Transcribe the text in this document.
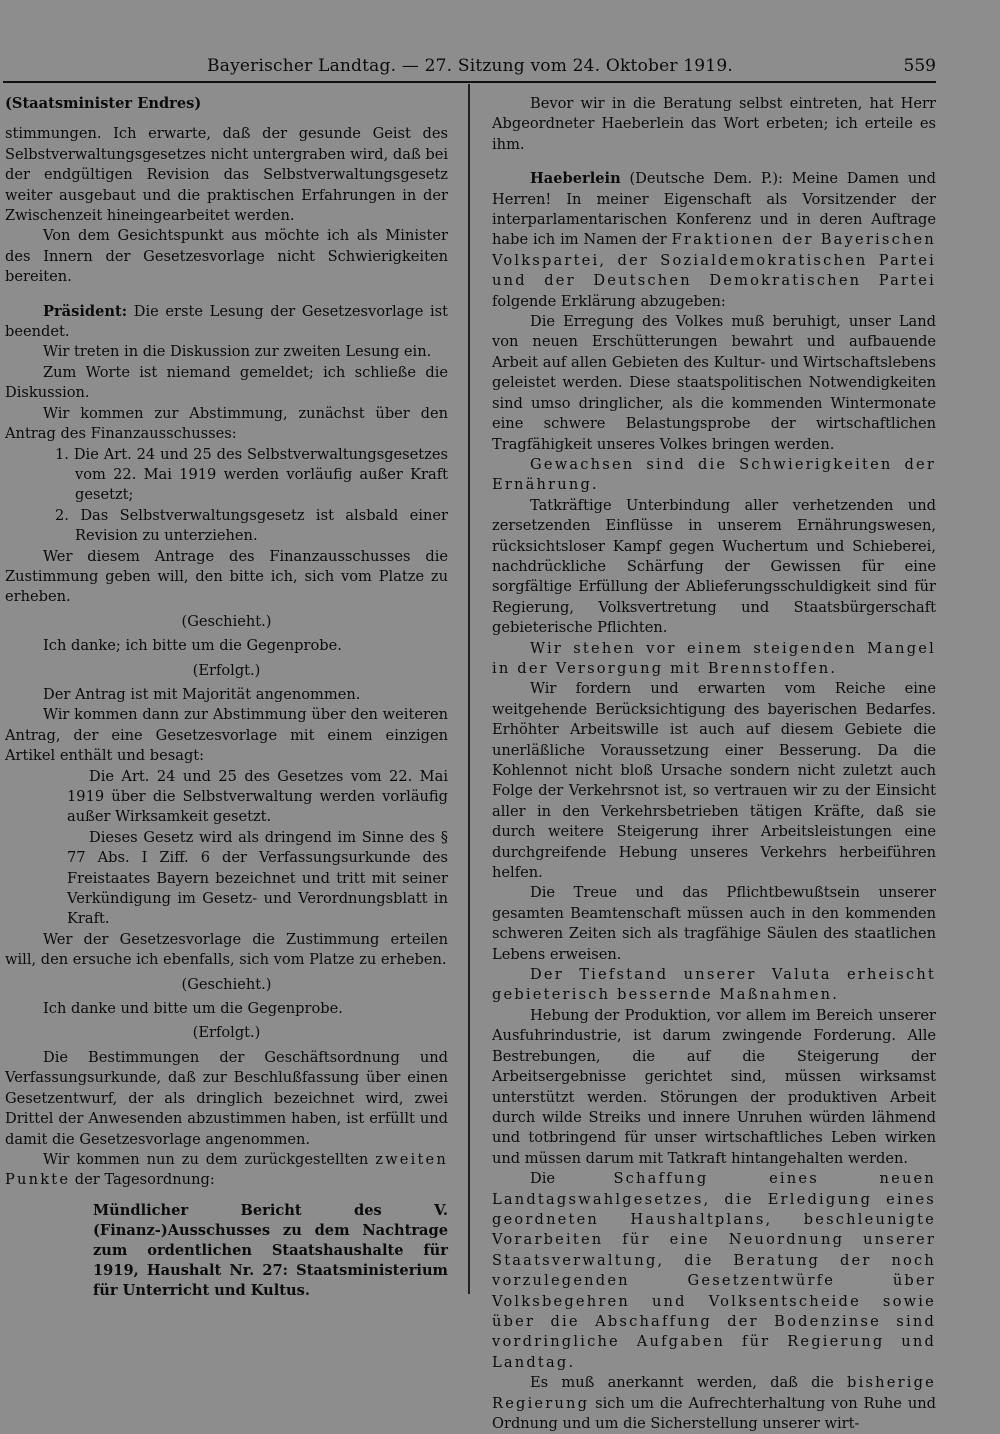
Bayerischer Landtag. — 27. Sitzung vom 24. Oktober 1919.	559

(Staatsminister Endres)

stimmungen. Ich erwarte, daß der gesunde Geist des Selbstverwaltungsgesetzes nicht untergraben wird, daß bei der endgültigen Revision das Selbstverwaltungsgesetz weiter ausgebaut und die praktischen Erfahrungen in der Zwischenzeit hineingearbeitet werden.

Von dem Gesichtspunkt aus möchte ich als Minister des Innern der Gesetzesvorlage nicht Schwierigkeiten bereiten.

Präsident: Die erste Lesung der Gesetzesvorlage ist beendet.

Wir treten in die Diskussion zur zweiten Lesung ein.

Zum Worte ist niemand gemeldet; ich schließe die Diskussion.

Wir kommen zur Abstimmung, zunächst über den Antrag des Finanzausschusses:

1. Die Art. 24 und 25 des Selbstverwaltungsgesetzes vom 22. Mai 1919 werden vorläufig außer Kraft gesetzt;

2. Das Selbstverwaltungsgesetz ist alsbald einer Revision zu unterziehen.

Wer diesem Antrage des Finanzausschusses die Zustimmung geben will, den bitte ich, sich vom Platze zu erheben.

(Geschieht.)

Ich danke; ich bitte um die Gegenprobe.

(Erfolgt.)

Der Antrag ist mit Majorität angenommen.

Wir kommen dann zur Abstimmung über den weiteren Antrag, der eine Gesetzesvorlage mit einem einzigen Artikel enthält und besagt:

Die Art. 24 und 25 des Gesetzes vom 22. Mai 1919 über die Selbstverwaltung werden vorläufig außer Wirksamkeit gesetzt.

Dieses Gesetz wird als dringend im Sinne des § 77 Abs. I Ziff. 6 der Verfassungsurkunde des Freistaates Bayern bezeichnet und tritt mit seiner Verkündigung im Gesetz- und Verordnungsblatt in Kraft.

Wer der Gesetzesvorlage die Zustimmung erteilen will, den ersuche ich ebenfalls, sich vom Platze zu erheben.

(Geschieht.)

Ich danke und bitte um die Gegenprobe.

(Erfolgt.)

Die Bestimmungen der Geschäftsordnung und Verfassungsurkunde, daß zur Beschlußfassung über einen Gesetzentwurf, der als dringlich bezeichnet wird, zwei Drittel der Anwesenden abzustimmen haben, ist erfüllt und damit die Gesetzesvorlage angenommen.

Wir kommen nun zu dem zurückgestellten zweiten Punkte der Tagesordnung:

Mündlicher Bericht des V. (Finanz-)Ausschusses zu dem Nachtrage zum ordentlichen Staatshaushalte für 1919, Haushalt Nr. 27: Staatsministerium für Unterricht und Kultus.

Bevor wir in die Beratung selbst eintreten, hat Herr Abgeordneter Haeberlein das Wort erbeten; ich erteile es ihm.

Haeberlein (Deutsche Dem. P.): Meine Damen und Herren! In meiner Eigenschaft als Vorsitzender der interparlamentarischen Konferenz und in deren Auftrage habe ich im Namen der Fraktionen der Bayerischen Volkspartei, der Sozialdemokratischen Partei und der Deutschen Demokratischen Partei folgende Erklärung abzugeben:

Die Erregung des Volkes muß beruhigt, unser Land von neuen Erschütterungen bewahrt und aufbauende Arbeit auf allen Gebieten des Kultur- und Wirtschaftslebens geleistet werden. Diese staatspolitischen Notwendigkeiten sind umso dringlicher, als die kommenden Wintermonate eine schwere Belastungsprobe der wirtschaftlichen Tragfähigkeit unseres Volkes bringen werden.

Gewachsen sind die Schwierigkeiten der Ernährung.

Tatkräftige Unterbindung aller verhetzenden und zersetzenden Einflüsse in unserem Ernährungswesen, rücksichtsloser Kampf gegen Wuchertum und Schieberei, nachdrückliche Schärfung der Gewissen für eine sorgfältige Erfüllung der Ablieferungsschuldigkeit sind für Regierung, Volksvertretung und Staatsbürgerschaft gebieterische Pflichten.

Wir stehen vor einem steigenden Mangel in der Versorgung mit Brennstoffen.

Wir fordern und erwarten vom Reiche eine weitgehende Berücksichtigung des bayerischen Bedarfes. Erhöhter Arbeitswille ist auch auf diesem Gebiete die unerläßliche Voraussetzung einer Besserung. Da die Kohlennot nicht bloß Ursache sondern nicht zuletzt auch Folge der Verkehrsnot ist, so vertrauen wir zu der Einsicht aller in den Verkehrsbetrieben tätigen Kräfte, daß sie durch weitere Steigerung ihrer Arbeitsleistungen eine durchgreifende Hebung unseres Verkehrs herbeiführen helfen.

Die Treue und das Pflichtbewußtsein unserer gesamten Beamtenschaft müssen auch in den kommenden schweren Zeiten sich als tragfähige Säulen des staatlichen Lebens erweisen.

Der Tiefstand unserer Valuta erheischt gebieterisch bessernde Maßnahmen.

Hebung der Produktion, vor allem im Bereich unserer Ausfuhrindustrie, ist darum zwingende Forderung. Alle Bestrebungen, die auf die Steigerung der Arbeitsergebnisse gerichtet sind, müssen wirksamst unterstützt werden. Störungen der produktiven Arbeit durch wilde Streiks und innere Unruhen würden lähmend und totbringend für unser wirtschaftliches Leben wirken und müssen darum mit Tatkraft hintangehalten werden.

Die Schaffung eines neuen Landtagswahlgesetzes, die Erledigung eines geordneten Haushaltplans, beschleunigte Vorarbeiten für eine Neuordnung unserer Staatsverwaltung, die Beratung der noch vorzulegenden Gesetzentwürfe über Volksbegehren und Volksentscheide sowie über die Abschaffung der Bodenzinse sind vordringliche Aufgaben für Regierung und Landtag.

Es muß anerkannt werden, daß die bisherige Regierung sich um die Aufrechterhaltung von Ruhe und Ordnung und um die Sicherstellung unserer wirt-
